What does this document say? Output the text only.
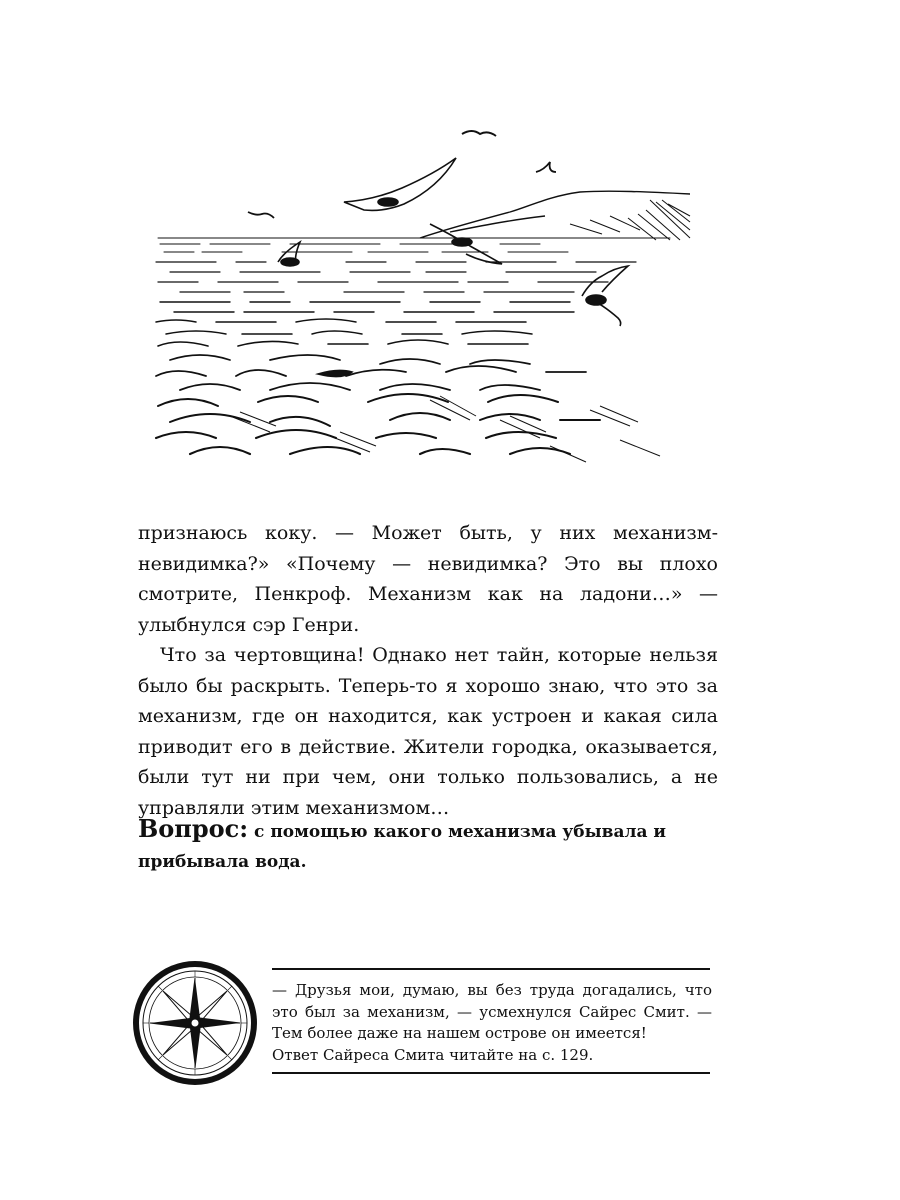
признаюсь коку. — Может быть, у них механизм-невидимка?» «Почему — невидимка? Это вы плохо смотрите, Пенкроф. Механизм как на ладони…» — улыбнулся сэр Генри.

Что за чертовщина! Однако нет тайн, которые нельзя было бы раскрыть. Теперь-то я хорошо знаю, что это за механизм, где он находится, как устроен и какая сила приводит его в действие. Жители городка, оказывается, были тут ни при чем, они только пользовались, а не управляли этим механизмом…

Вопрос: с помощью какого механизма убывала и прибывала вода.

— Друзья мои, думаю, вы без труда догадались, что это был за механизм, — усмехнулся Сайрес Смит. — Тем более даже на нашем острове он имеется!
Ответ Сайреса Смита читайте на с. 129.
